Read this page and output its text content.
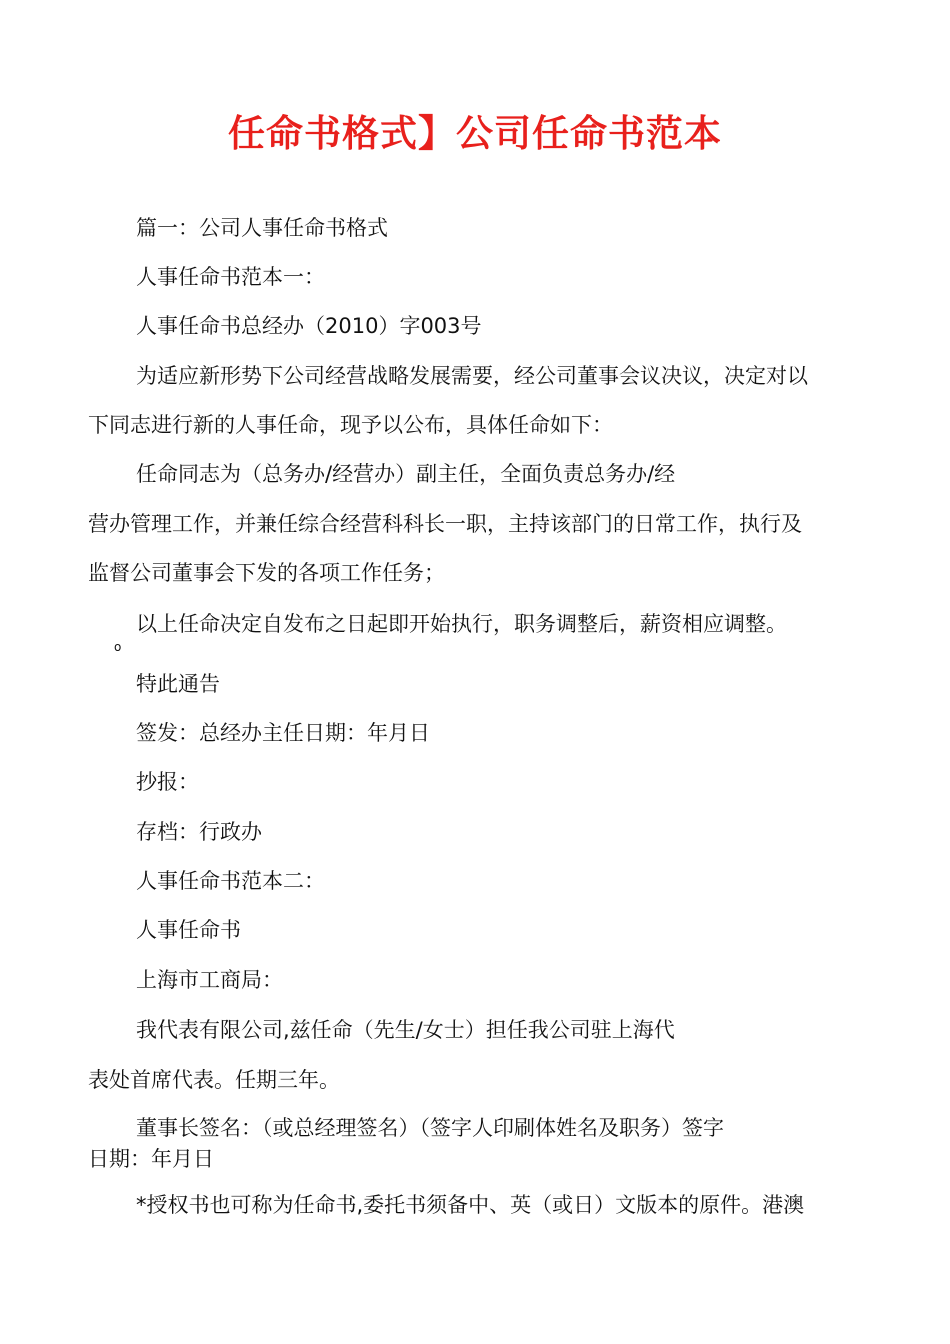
任命书格式】公司任命书范本
篇一：公司人事任命书格式
人事任命书范本一：
人事任命书总经办（2010）字003号
为适应新形势下公司经营战略发展需要，经公司董事会议决议，决定对以
下同志进行新的人事任命，现予以公布，具体任命如下：
任命同志为（总务办/经营办）副主任，全面负责总务办/经
营办管理工作，并兼任综合经营科科长一职，主持该部门的日常工作，执行及
监督公司董事会下发的各项工作任务；
以上任命决定自发布之日起即开始执行，职务调整后，薪资相应调整。
o
特此通告
签发：总经办主任日期：年月日
抄报：
存档：行政办
人事任命书范本二：
人事任命书
上海市工商局：
我代表有限公司,兹任命（先生/女士）担任我公司驻上海代
表处首席代表。任期三年。
董事长签名：（或总经理签名）（签字人印刷体姓名及职务）签字
日期：年月日
*授权书也可称为任命书,委托书须备中、英（或日）文版本的原件。港澳
